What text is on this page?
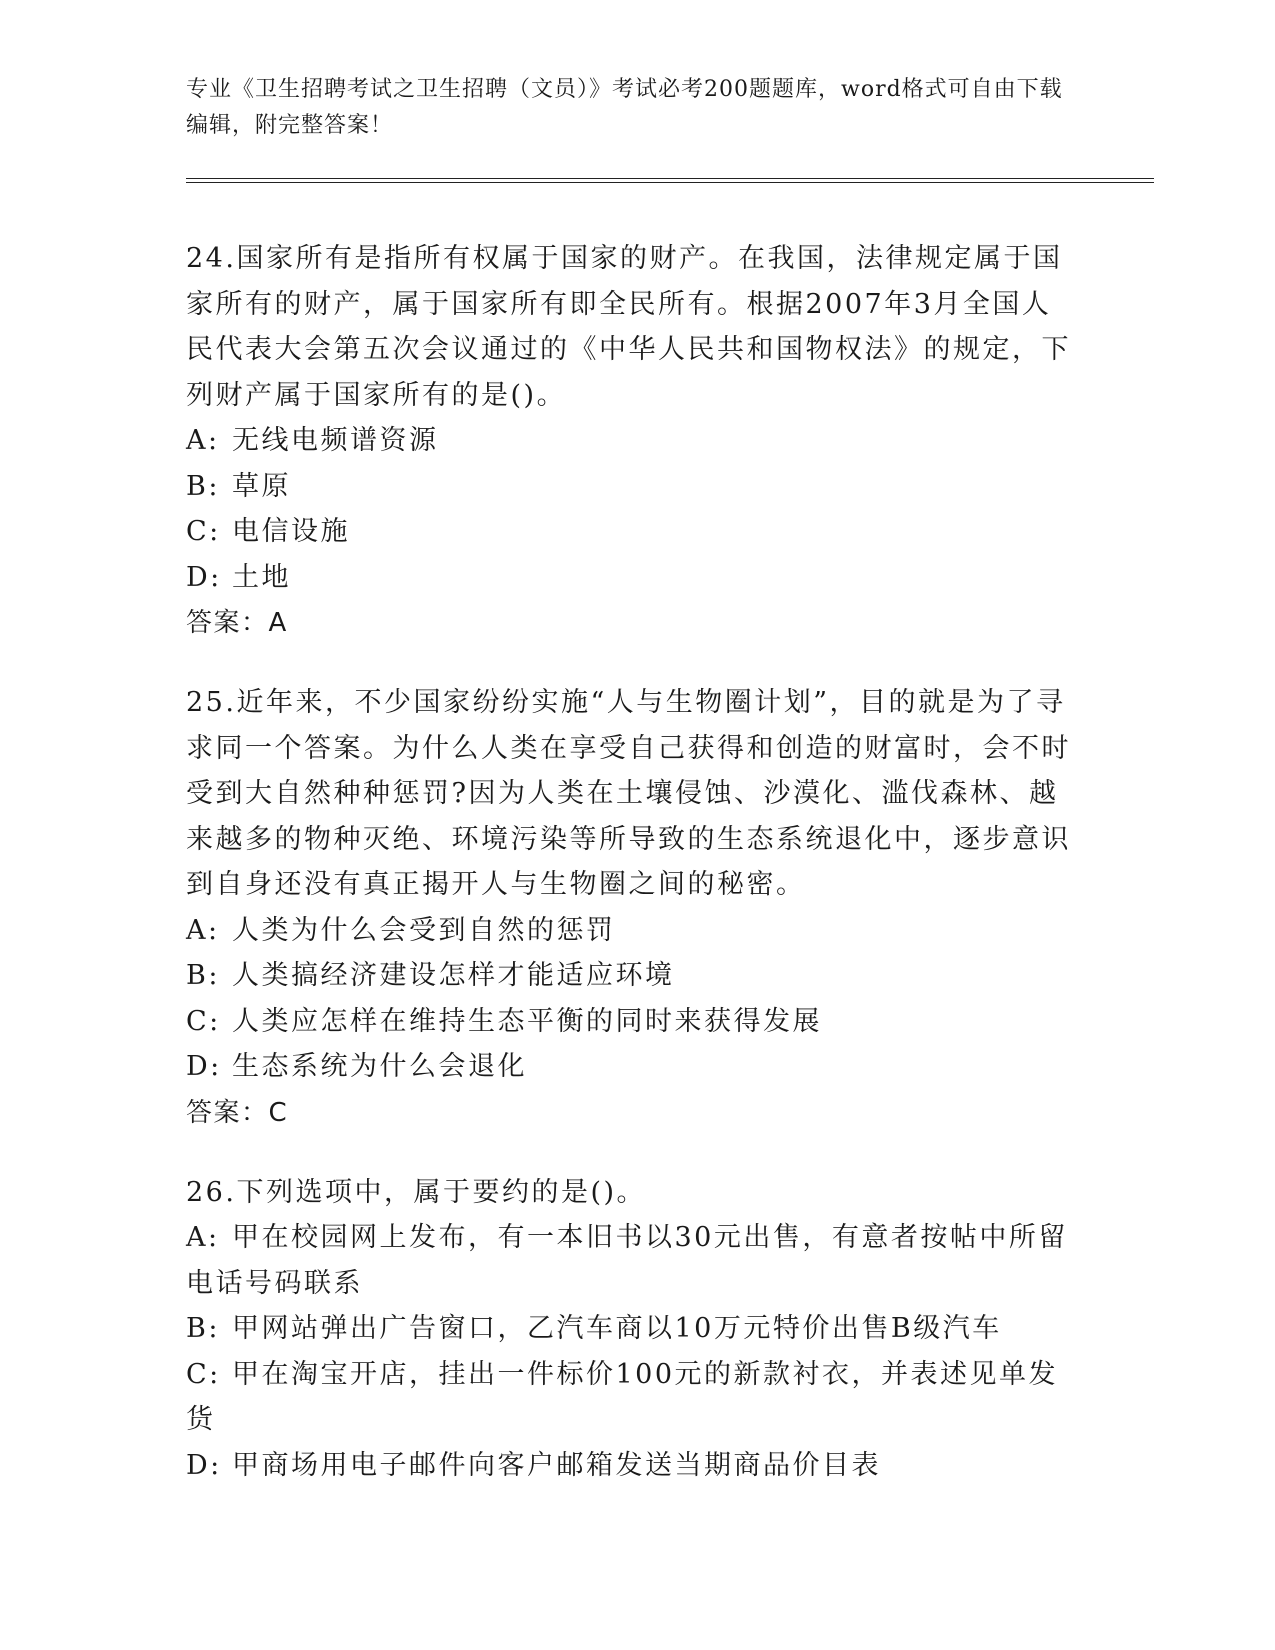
专业《卫生招聘考试之卫生招聘（文员）》考试必考200题题库，word格式可自由下载编辑，附完整答案！

24.国家所有是指所有权属于国家的财产。在我国，法律规定属于国家所有的财产，属于国家所有即全民所有。根据2007年3月全国人民代表大会第五次会议通过的《中华人民共和国物权法》的规定，下列财产属于国家所有的是()。

A: 无线电频谱资源

B: 草原

C: 电信设施

D: 土地

答案：A

25.近年来，不少国家纷纷实施“人与生物圈计划”，目的就是为了寻求同一个答案。为什么人类在享受自己获得和创造的财富时，会不时受到大自然种种惩罚?因为人类在土壤侵蚀、沙漠化、滥伐森林、越来越多的物种灭绝、环境污染等所导致的生态系统退化中，逐步意识到自身还没有真正揭开人与生物圈之间的秘密。

A: 人类为什么会受到自然的惩罚

B: 人类搞经济建设怎样才能适应环境

C: 人类应怎样在维持生态平衡的同时来获得发展

D: 生态系统为什么会退化

答案：C

26.下列选项中，属于要约的是()。

A: 甲在校园网上发布，有一本旧书以30元出售，有意者按帖中所留电话号码联系

B: 甲网站弹出广告窗口，乙汽车商以10万元特价出售B级汽车

C: 甲在淘宝开店，挂出一件标价100元的新款衬衣，并表述见单发货

D: 甲商场用电子邮件向客户邮箱发送当期商品价目表
